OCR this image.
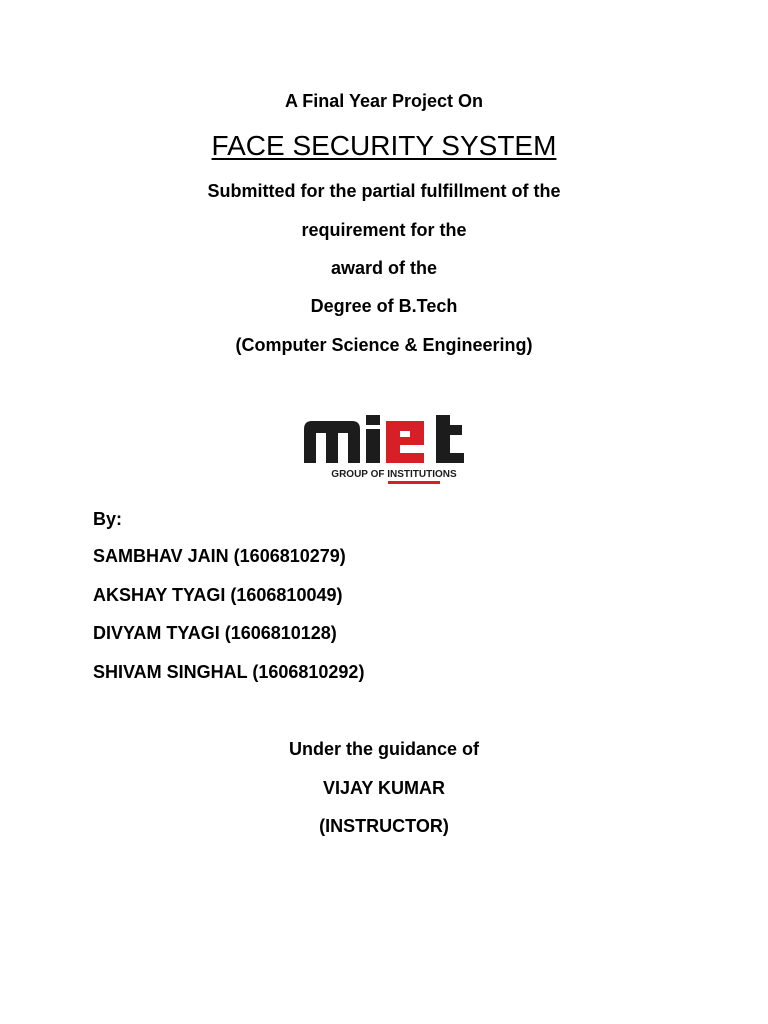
A Final Year Project On
FACE SECURITY SYSTEM
Submitted for the partial fulfillment of the
requirement for the
award of the
Degree of B.Tech
(Computer Science & Engineering)
GROUP OF INSTITUTIONS
By:
SAMBHAV JAIN (1606810279)
AKSHAY TYAGI (1606810049)
DIVYAM TYAGI (1606810128)
SHIVAM SINGHAL (1606810292)
Under the guidance of
VIJAY KUMAR
(INSTRUCTOR)
